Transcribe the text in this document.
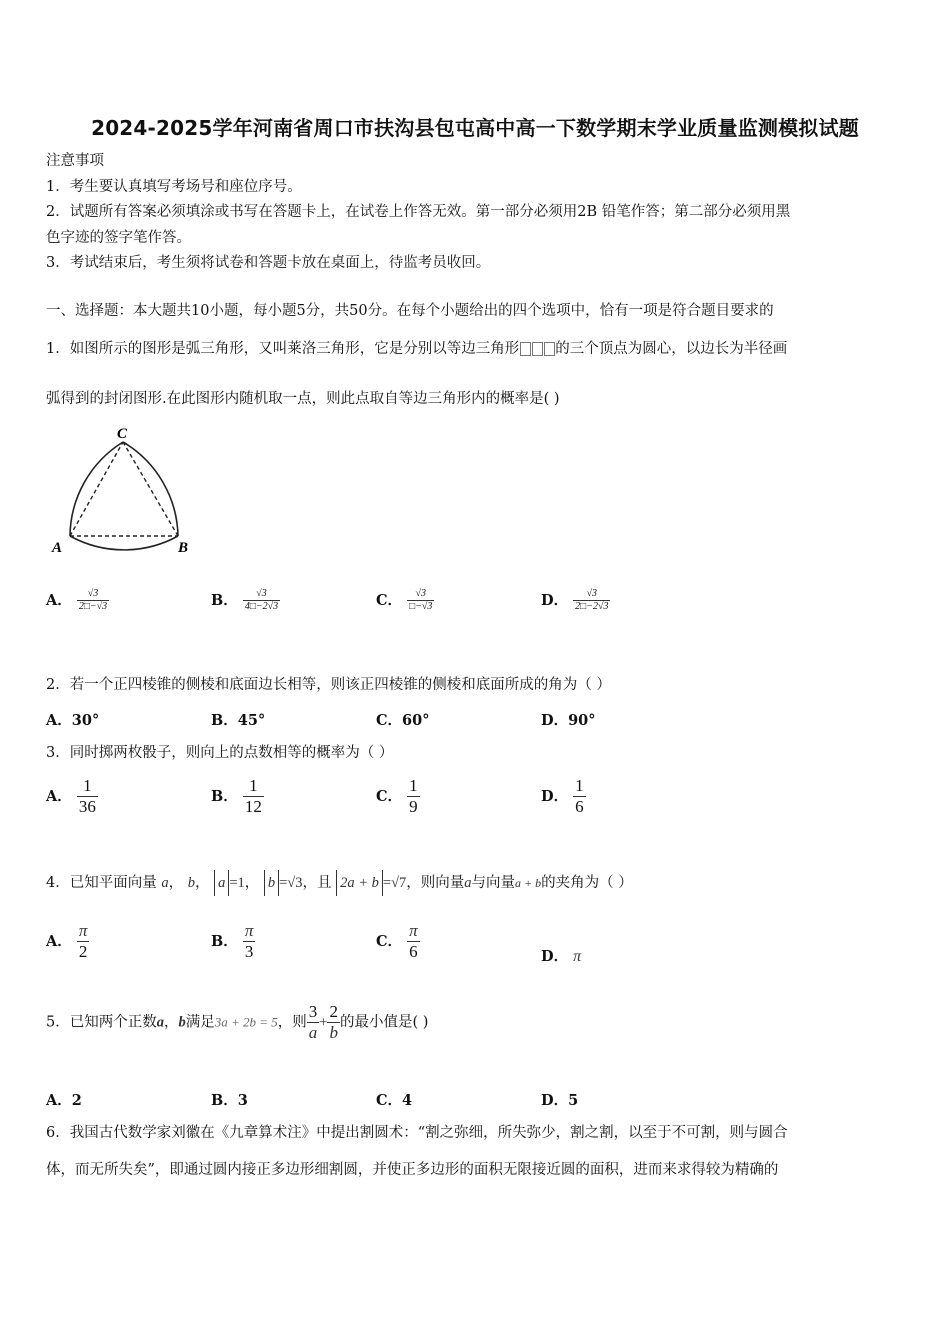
2024-2025学年河南省周口市扶沟县包屯高中高一下数学期末学业质量监测模拟试题
注意事项
1．考生要认真填写考场号和座位序号。
2．试题所有答案必须填涂或书写在答题卡上，在试卷上作答无效。第一部分必须用2B 铅笔作答；第二部分必须用黑
色字迹的签字笔作答。
3．考试结束后，考生须将试卷和答题卡放在桌面上，待监考员收回。
一、选择题：本大题共10小题，每小题5分，共50分。在每个小题给出的四个选项中，恰有一项是符合题目要求的
1．如图所示的图形是弧三角形，又叫莱洛三角形，它是分别以等边三角形 的三个顶点为圆心，以边长为半径画
弧得到的封闭图形.在此图形内随机取一点，则此点取自等边三角形内的概率是( )
C
A	B
A． $\frac{√3}{2□-√3}$	B． $\frac{√3}{4□-2√3}$	C． $\frac{√3}{□-√3}$	D． $\frac{√3}{2□-2√3}$
2．若一个正四棱锥的侧棱和底面边长相等，则该正四棱锥的侧棱和底面所成的角为（ ）
A．30°	B．45°	C．60°	D．90°
3．同时掷两枚骰子，则向上的点数相等的概率为（ ）
A． $\frac{1}{36}$	B． $\frac{1}{12}$	C． $\frac{1}{9}$	D． $\frac{1}{6}$
4．已知平面向量 a， b， a =1， b =√3，且 2a + b =√7，则向量a与向量a + b的夹角为（ ）
A． $\frac{\pi}{2}$	B． $\frac{\pi}{3}$	C． $\frac{\pi}{6}$	D． π
5．已知两个正数a，b满足3a + 2b = 5，则 $\frac{3}{a} + \frac{2}{b}$ 的最小值是( )
A．2	B．3	C．4	D．5
6．我国古代数学家刘徽在《九章算术注》中提出割圆术：“割之弥细，所失弥少，割之割，以至于不可割，则与圆合
体，而无所失矣”，即通过圆内接正多边形细割圆，并使正多边形的面积无限接近圆的面积，进而来求得较为精确的
